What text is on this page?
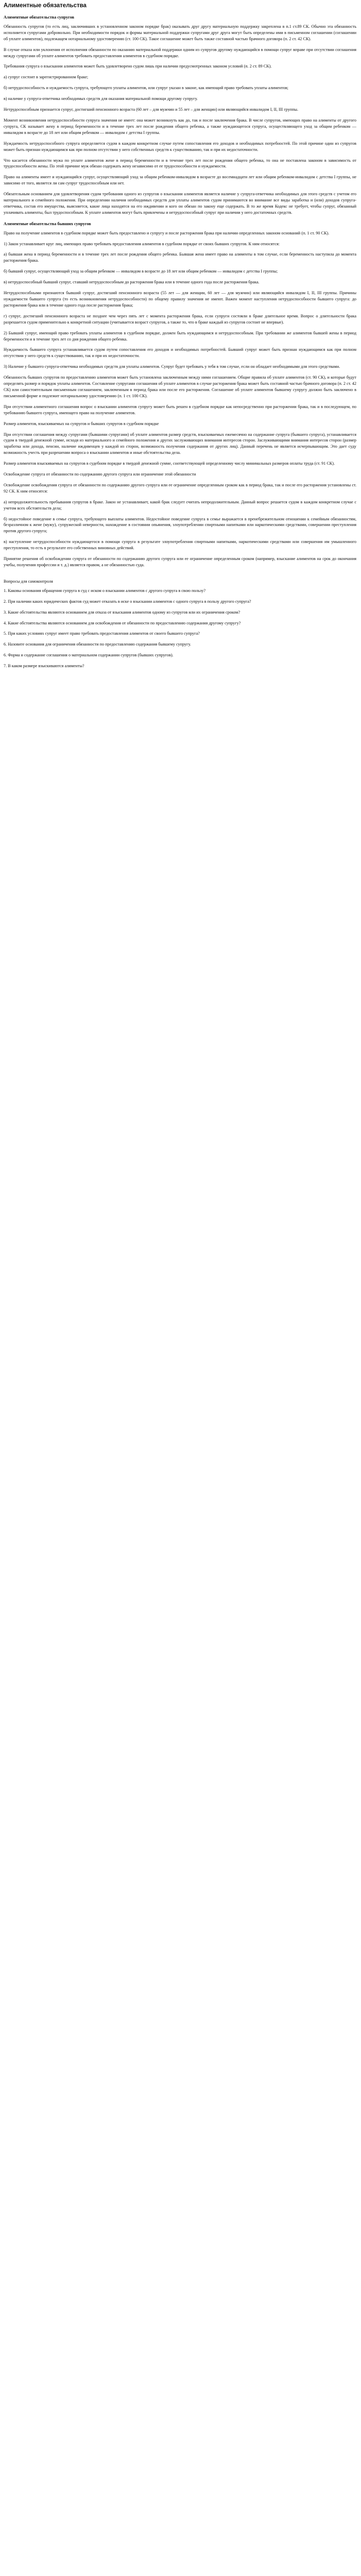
Алиментные обязательства
Алиментные обязательства супругов

Обязанность супругов (то есть лиц, заключивших в установленном законом порядке брак) оказывать друг другу материальную поддержку закреплена в п.1 ст.89 СК. Обычно эта обязанность исполняется супругами добровольно. При необходимости порядок и формы материальной поддержки супругами друг друга могут быть определены ими в письменном соглашении (соглашении об уплате алиментов), подлежащем нотариальному удостоверению (ст. 100 СК). Такое соглашение может быть также составной частью брачного договора (п. 2 ст. 42 СК).

В случае отказа или уклонения от исполнения обязанности по оказанию материальной поддержки одним из супругов другому нуждающийся в помощи супруг вправе при отсутствии соглашения между супругами об уплате алиментов требовать предоставления алиментов в судебном порядке.

Требования супруга о взыскании алиментов может быть удовлетворено судом лишь при наличии предусмотренных законом условий (п. 2 ст. 89 СК).

а) супруг состоит в зарегистрированном браке;

б) нетрудоспособность и нуждаемость супруга, требующего уплаты алиментов, или супруг указан в законе, как имеющий право требовать уплаты алиментов;

в) наличие у супруга-ответчика необходимых средств для оказания материальной помощи другому супругу.

Нетрудоспособным признается супруг, достигший пенсионного возраста (60 лет – для мужчин и 55 лет – для женщин) или являющийся инвалидом I, II, III группы.

Момент возникновения нетрудоспособности супруга значения не имеет: она может возникнуть как до, так и после заключения брака. В числе супругов, имеющих право на алименты от другого супруга, СК называет жену в период беременности и в течение трех лет после рождения общего ребенка, а также нуждающегося супруга, осуществляющего уход за общим ребенком — инвалидом в возрасте до 18 лет или общим ребенком — инвалидом с детства I группы.

Нуждаемость нетрудоспособного супруга определяется судом в каждом конкретном случае путем сопоставления его доходов и необходимых потребностей. По этой причине один из супругов может быть признан нуждающимся как при полном отсутствии у него собственных средств к существованию, так и при их недостаточности.

Что касается обязанности мужа по уплате алиментов жене в период беременности и в течение трех лет после рождения общего ребенка, то она не поставлена законом в зависимость от трудоспособности жены. По этой причине муж обязан содержать жену независимо от ее трудоспособности и нуждаемости.

Право на алименты имеет и нуждающийся супруг, осуществляющий уход за общим ребенком-инвалидом в возрасте до восемнадцати лет или общим ребенком-инвалидом с детства I группы, не зависимо от того, является ли сам супруг трудоспособным или нет.

Обязательным основанием для удовлетворения судом требования одного из супругов о взыскании алиментов является наличие у супруга-ответчика необходимых для этого средств с учетом его материального и семейного положения. При определении наличия необходимых средств для уплаты алиментов судом принимаются во внимание все виды заработка и (или) доходов супруга-ответчика, состав его имущества, выясняется, какие лица находятся на его иждивении и кого он обязан по закону еще содержать. В то же время Кодекс не требует, чтобы супруг, обязанный уплачивать алименты, был трудоспособным. К уплате алиментов могут быть привлечены и нетрудоспособный супруг при наличии у него достаточных средств.

Алиментные обязательства бывших супругов

Право на получение алиментов в судебном порядке может быть предоставлено и супругу и после расторжения брака при наличии определенных законом оснований (п. 1 ст. 90 СК).

1) Закон устанавливает круг лиц, имеющих право требовать предоставления алиментов в судебном порядке от своих бывших супругов. К ним относятся:

а) бывшая жена в период беременности и в течение трех лет после рождения общего ребенка. Бывшая жена имеет право на алименты в том случае, если беременность наступила до момента расторжения брака.
б) бывший супруг, осуществляющий уход за общим ребенком — инвалидом в возрасте до 18 лет или общим ребенком — инвалидом с детства I группы;
в) нетрудоспособный бывший супруг, ставший нетрудоспособным до расторжения брака или в течение одного года после расторжения брака.
Нетрудоспособными признаются бывший супруг, достигший пенсионного возраста (55 лет — для женщин, 60 лет — для мужчин) или являющийся инвалидом I, II, III группы. Причины нуждаемости бывшего супруга (то есть возникновения нетрудоспособности) по общему правилу значения не имеют. Важен момент наступления нетрудоспособности бывшего супруга: до расторжения брака или в течение одного года после расторжения брака;
г) супруг, достигший пенсионного возраста не позднее чем через пять лет с момента расторжения брака, если супруги состояли в браке длительное время. Вопрос о длительности брака разрешается судом применительно к конкретной ситуации (учитывается возраст супругов, а также то, что в браке каждый из супругов состоит не впервые).

2) Бывший супруг, имеющий право требовать уплаты алиментов в судебном порядке, должен быть нуждающимся и нетрудоспособным. При требовании же алиментов бывшей жены в период беременности и в течение трех лет со дня рождения общего ребенка.

Нуждаемость бывшего супруга устанавливается судом путем сопоставления его доходов и необходимых потребностей. Бывший супруг может быть признан нуждающимся как при полном отсутствии у него средств к существованию, так и при их недостаточности.

3) Наличие у бывшего супруга-ответчика необходимых средств для уплаты алиментов. Супруг будет требовать у тебя в том случае, если он обладает необходимыми для этого средствами.

Обязанность бывших супругов по предоставлению алиментов может быть установлена заключенным между ними соглашением. Общие правила об уплате алиментов (ст. 90 СК), и которые будут определять размер и порядок уплаты алиментов. Составление супругами соглашения об уплате алиментов в случае расторжения брака может быть составной частью брачного договора (п. 2 ст. 42 СК) или самостоятельным письменным соглашением, заключенным в период брака или после его расторжения. Соглашение об уплате алиментов бывшему супругу должно быть заключено в письменной форме и подлежит нотариальному удостоверению (п. 1 ст. 100 СК).

При отсутствии алиментного соглашения вопрос о взыскании алиментов супругу может быть решен в судебном порядке как непосредственно при расторжении брака, так и в последующем, по требованию бывшего супруга, имеющего право на получение алиментов.

Размер алиментов, взыскиваемых на супругов и бывших супругов в судебном порядке

При отсутствии соглашения между супругами (бывшими супругами) об уплате алиментов размер средств, взыскиваемых ежемесячно на содержание супруга (бывшего супруга), устанавливается судом в твердой денежной сумме, исходя из материального и семейного положения и других заслуживающих внимания интересов сторон. Заслуживающими внимания интересов сторон (размер заработка или дохода, пенсии, наличие иждивенцев у каждой из сторон, возможность получения содержания от других лиц). Данный перечень не является исчерпывающим. Это дает суду возможность учесть при разрешении вопроса о взыскании алиментов и иные обстоятельства дела.

Размер алиментов взыскиваемых на супругов в судебном порядке в твердой денежной сумме, соответствующей определенному числу минимальных размеров оплаты труда (ст. 91 СК).

Освобождение супруга от обязанности по содержанию другого супруга или ограничение этой обязанности

Освобождение освобождения супруга от обязанности по содержанию другого супруга или ее ограничение определенным сроком как в период брака, так и после его расторжения установлены ст. 92 СК. К ним относятся:

а) непродолжительность пребывания супругов в браке. Закон не устанавливает, какой брак следует считать непродолжительным. Данный вопрос решается судом в каждом конкретном случае с учетом всех обстоятельств дела;
б) недостойное поведение в семье супруга, требующего выплаты алиментов. Недостойное поведение супруга в семье выражается в пренебрежительном отношении к семейным обязанностям, безразличном к жене (мужу), супружеской неверности, нахождение в состоянии опьянения, злоупотреблении спиртными напитками или наркотическими средствами, совершении преступления против другого супруга;
в) наступление нетрудоспособности нуждающегося в помощи супруга в результате злоупотребления спиртными напитками, наркотическими средствами или совершения им умышленного преступления, то есть в результате его собственных виновных действий.

Принятие решения об освобождении супруга от обязанности по содержанию другого супруга или ее ограничение определенным сроком (например, взыскание алиментов на срок до окончания учебы, получения профессии и т. д.) является правом, а не обязанностью суда.

Вопросы для самоконтроля
1. Каковы основания обращения супруга в суд с иском о взыскании алиментов с другого супруга в свою пользу?
2. При наличии каких юридических фактов суд может отказать в иске о взыскании алиментов с одного супруга в пользу другого супруга?
3. Какие обстоятельства являются основанием для отказа от взыскания алиментов одному из супругов или их ограничения сроком?
4. Какие обстоятельства являются основанием для освобождения от обязанности по предоставлению содержания другому супругу?
5. При каких условиях супруг имеет право требовать предоставления алиментов от своего бывшего супруга?
6. Назовите основания для ограничения обязанности по предоставлению содержания бывшему супругу.
6. Форма и содержание соглашения о материальном содержании супругов (бывших супругов).
7. В каком размере взыскиваются алименты?
